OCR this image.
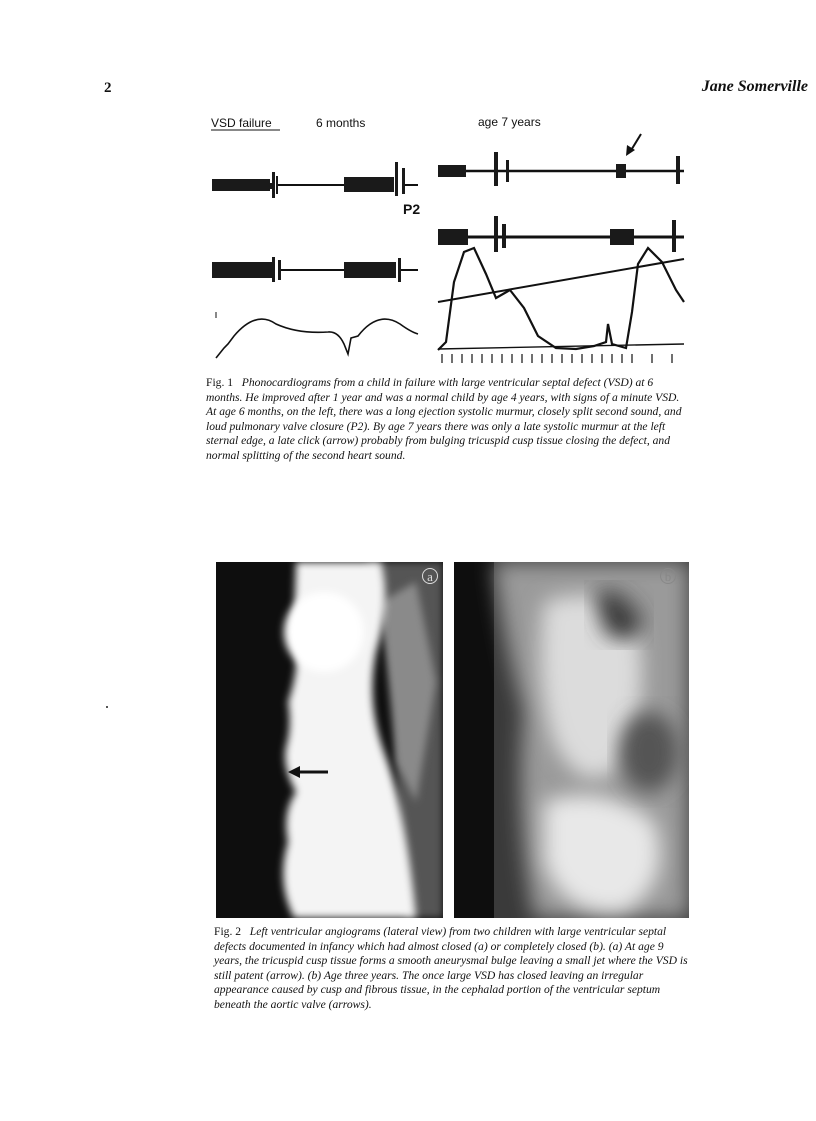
2	Jane Somerville
VSD failure	6 months	age 7 years
P2
Fig. 1 Phonocardiograms from a child in failure with large ventricular septal defect (VSD) at 6 months. He improved after 1 year and was a normal child by age 4 years, with signs of a minute VSD. At age 6 months, on the left, there was a long ejection systolic murmur, closely split second sound, and loud pulmonary valve closure (P2). By age 7 years there was only a late systolic murmur at the left sternal edge, a late click (arrow) probably from bulging tricuspid cusp tissue closing the defect, and normal splitting of the second heart sound.
a	b
Fig. 2 Left ventricular angiograms (lateral view) from two children with large ventricular septal defects documented in infancy which had almost closed (a) or completely closed (b). (a) At age 9 years, the tricuspid cusp tissue forms a smooth aneurysmal bulge leaving a small jet where the VSD is still patent (arrow). (b) Age three years. The once large VSD has closed leaving an irregular appearance caused by cusp and fibrous tissue, in the cephalad portion of the ventricular septum beneath the aortic valve (arrows).
